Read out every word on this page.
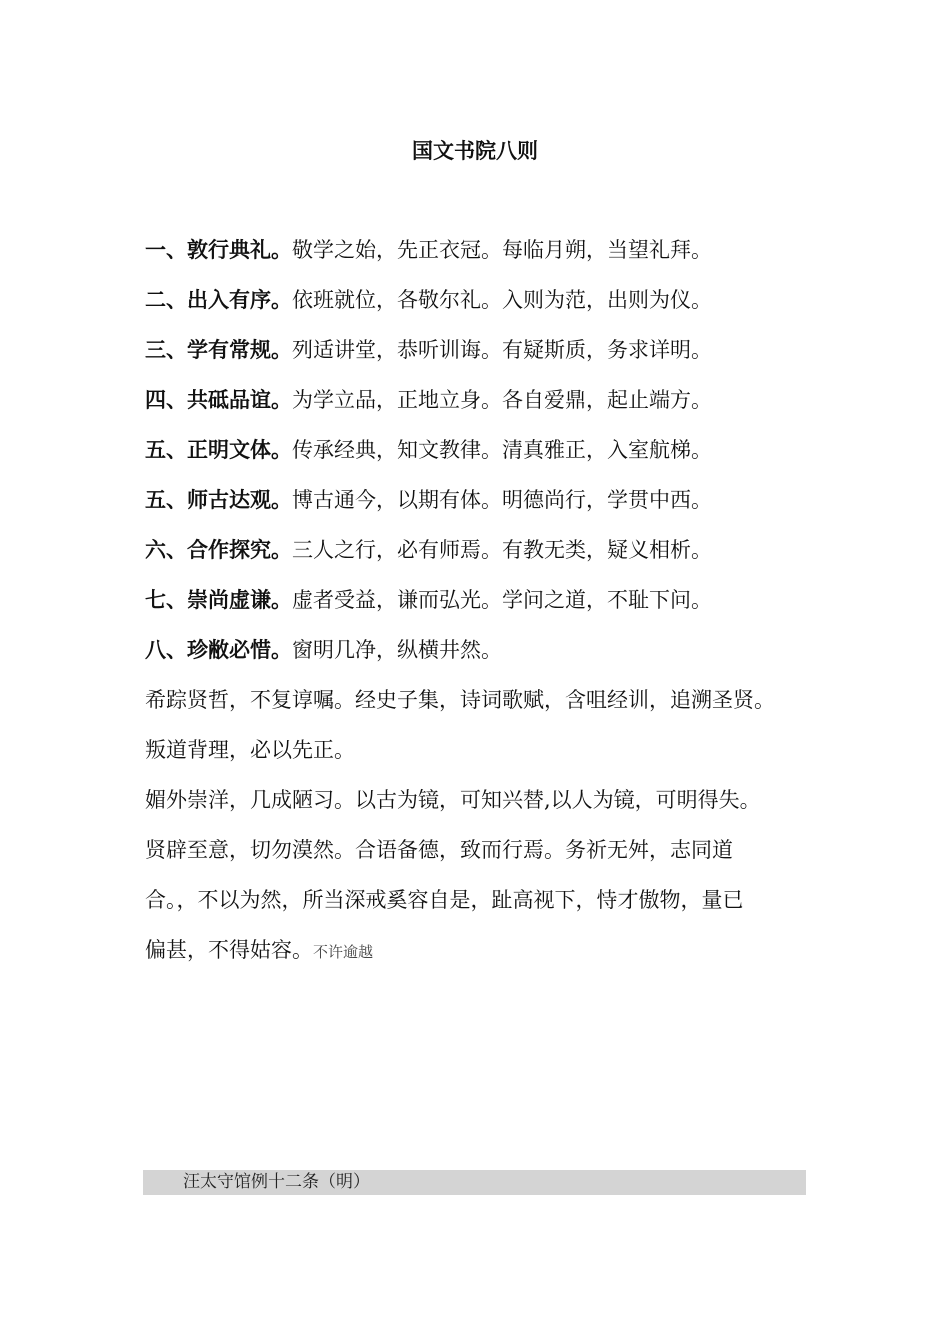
国文书院八则
一、敦行典礼。敬学之始，先正衣冠。每临月朔，当望礼拜。
二、出入有序。依班就位，各敬尔礼。入则为范，出则为仪。
三、学有常规。列适讲堂，恭听训诲。有疑斯质，务求详明。
四、共砥品谊。为学立品，正地立身。各自爱鼎，起止端方。
五、正明文体。传承经典，知文教律。清真雅正，入室航梯。
五、师古达观。博古通今，以期有体。明德尚行，学贯中西。
六、合作探究。三人之行，必有师焉。有教无类，疑义相析。
七、崇尚虚谦。虚者受益，谦而弘光。学问之道，不耻下问。
八、珍敝必惜。窗明几净，纵横井然。
希踪贤哲，不复谆嘱。经史子集，诗词歌赋，含咀经训，追溯圣贤。
叛道背理，必以先正。
媚外崇洋，几成陋习。以古为镜，可知兴替,以人为镜，可明得失。
贤辟至意，切勿漠然。合语备德，致而行焉。务祈无舛，志同道
合。，不以为然，所当深戒奚容自是，趾高视下，恃才傲物，量已
偏甚，不得姑容。不许逾越
汪太守馆例十二条（明）
